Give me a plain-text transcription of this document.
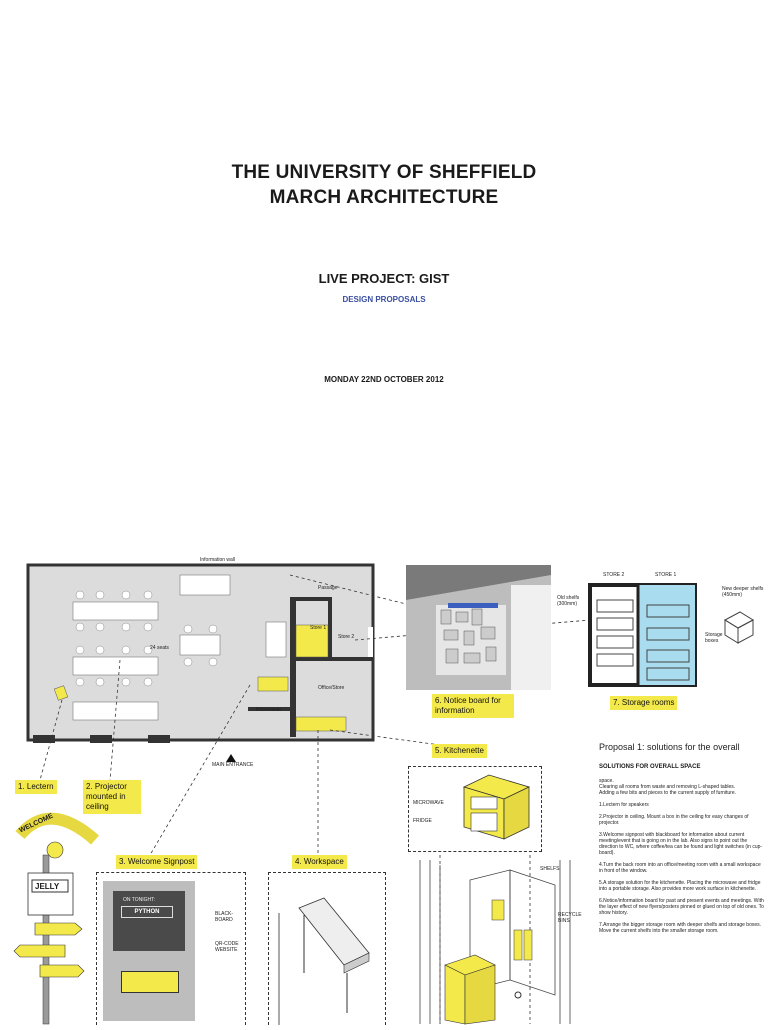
THE UNIVERSITY OF SHEFFIELD
MARCH ARCHITECTURE
LIVE PROJECT: GIST
DESIGN PROPOSALS
MONDAY 22ND OCTOBER 2012
Information wall
Passage
Store 1
Store 2
24 seats
Office/Store
Kitchenette
MAIN ENTRANCE
6. Notice board for information
STORE 2	STORE 1
Old shelfs (300mm)
New deeper shelfs (450mm)
Storage boxes
7. Storage rooms
1. Lectern	2. Projector mounted in ceiling
5. Kitchenette
MICROWAVE
FRIDGE
SHELFS
RECYCLE BINS
3. Welcome Signpost
WELCOME
JELLY
ON TONIGHT:
PYTHON	BLACK-BOARD
QR-CODE WEBSITE
4. Workspace
Proposal 1: solutions for the overall
SOLUTIONS FOR OVERALL SPACE
space.
Clearing all rooms from waste and removing L-shaped tables.
Adding a few bits and pieces to the current supply of furniture.

1.Lectern for speakers

2.Projector in ceiling. Mount a box in the ceiling for easy changes of projector.

3.Welcome signpost with blackboard for information about current meeting/event that is going on in the lab. Also signs to point out the direction to WC, where coffee/tea can be found and light switches (in cup-board).

4.Turn the back room into an office/meeting room with a small workspace in front of the window.

5.A storage solution for the kitchenette. Placing the microwave and fridge into a portable storage. Also provides more work surface in kitchenette.

6.Notice/information board for past and present events and meetings. With the layer effect of new flyers/posters pinned or glued on top of old ones. To show history.

7.Arrange the bigger storage room with deeper shelfs and storage boxes. Move the current shelfs into the smaller storage room.
